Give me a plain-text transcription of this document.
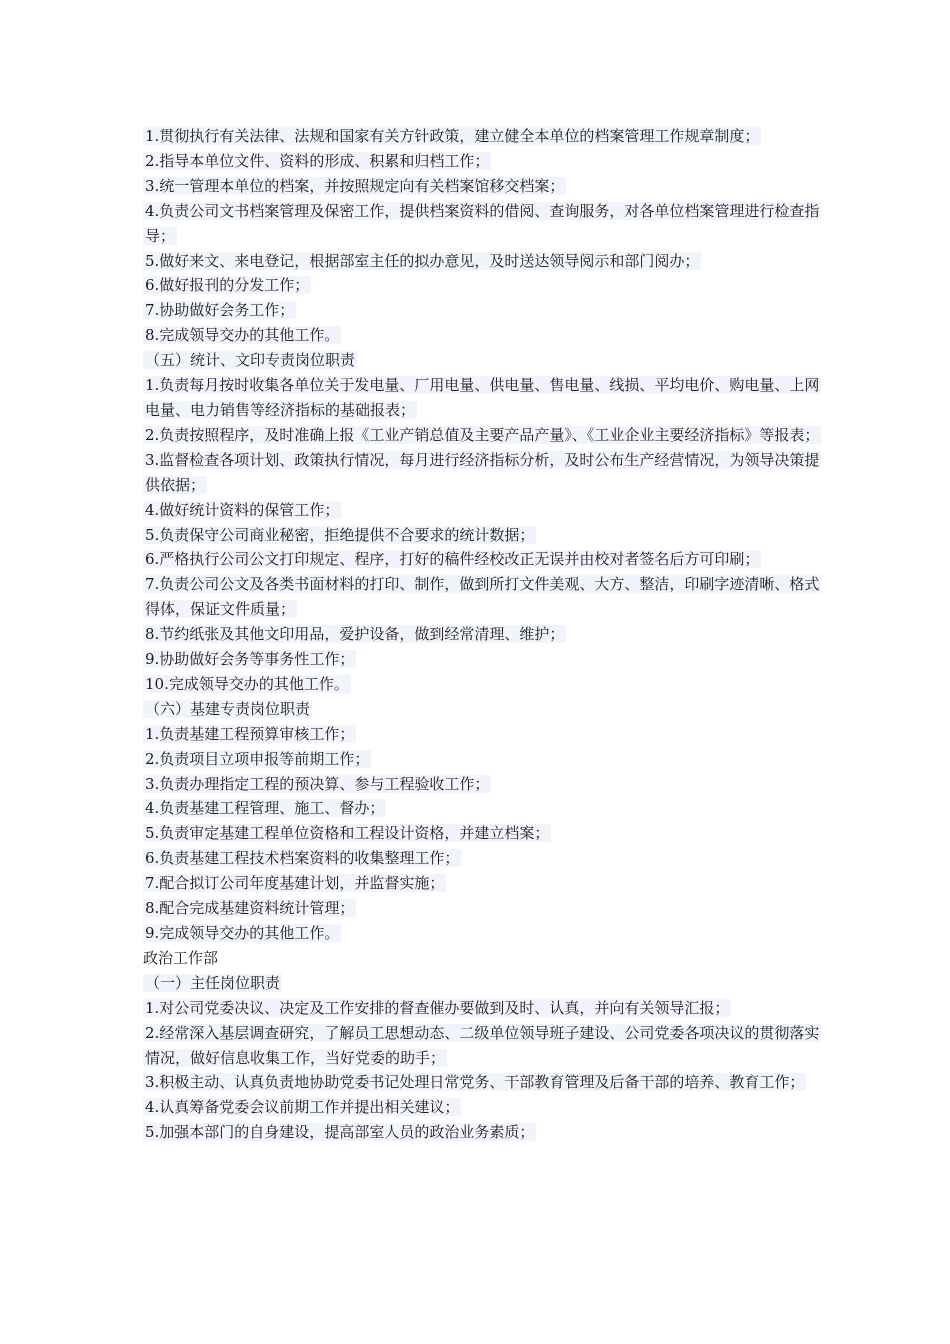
1.贯彻执行有关法律、法规和国家有关方针政策，建立健全本单位的档案管理工作规章制度；

2.指导本单位文件、资料的形成、积累和归档工作；

3.统一管理本单位的档案，并按照规定向有关档案馆移交档案；

4.负责公司文书档案管理及保密工作，提供档案资料的借阅、查询服务，对各单位档案管理进行检查指导；

5.做好来文、来电登记，根据部室主任的拟办意见，及时送达领导阅示和部门阅办；

6.做好报刊的分发工作；

7.协助做好会务工作；

8.完成领导交办的其他工作。

（五）统计、文印专责岗位职责

1.负责每月按时收集各单位关于发电量、厂用电量、供电量、售电量、线损、平均电价、购电量、上网电量、电力销售等经济指标的基础报表；

2.负责按照程序，及时准确上报《工业产销总值及主要产品产量》、《工业企业主要经济指标》等报表；

3.监督检查各项计划、政策执行情况，每月进行经济指标分析，及时公布生产经营情况，为领导决策提供依据；

4.做好统计资料的保管工作；

5.负责保守公司商业秘密，拒绝提供不合要求的统计数据；

6.严格执行公司公文打印规定、程序，打好的稿件经校改正无误并由校对者签名后方可印刷；

7.负责公司公文及各类书面材料的打印、制作，做到所打文件美观、大方、整洁，印刷字迹清晰、格式得体，保证文件质量；

8.节约纸张及其他文印用品，爱护设备，做到经常清理、维护；

9.协助做好会务等事务性工作；

10.完成领导交办的其他工作。

（六）基建专责岗位职责

1.负责基建工程预算审核工作；

2.负责项目立项申报等前期工作；

3.负责办理指定工程的预决算、参与工程验收工作；

4.负责基建工程管理、施工、督办；

5.负责审定基建工程单位资格和工程设计资格，并建立档案；

6.负责基建工程技术档案资料的收集整理工作；

7.配合拟订公司年度基建计划，并监督实施；

8.配合完成基建资料统计管理；

9.完成领导交办的其他工作。

政治工作部

（一）主任岗位职责

1.对公司党委决议、决定及工作安排的督查催办要做到及时、认真，并向有关领导汇报；

2.经常深入基层调查研究，了解员工思想动态、二级单位领导班子建设、公司党委各项决议的贯彻落实情况，做好信息收集工作，当好党委的助手；

3.积极主动、认真负责地协助党委书记处理日常党务、干部教育管理及后备干部的培养、教育工作；

4.认真筹备党委会议前期工作并提出相关建议；

5.加强本部门的自身建设，提高部室人员的政治业务素质；
